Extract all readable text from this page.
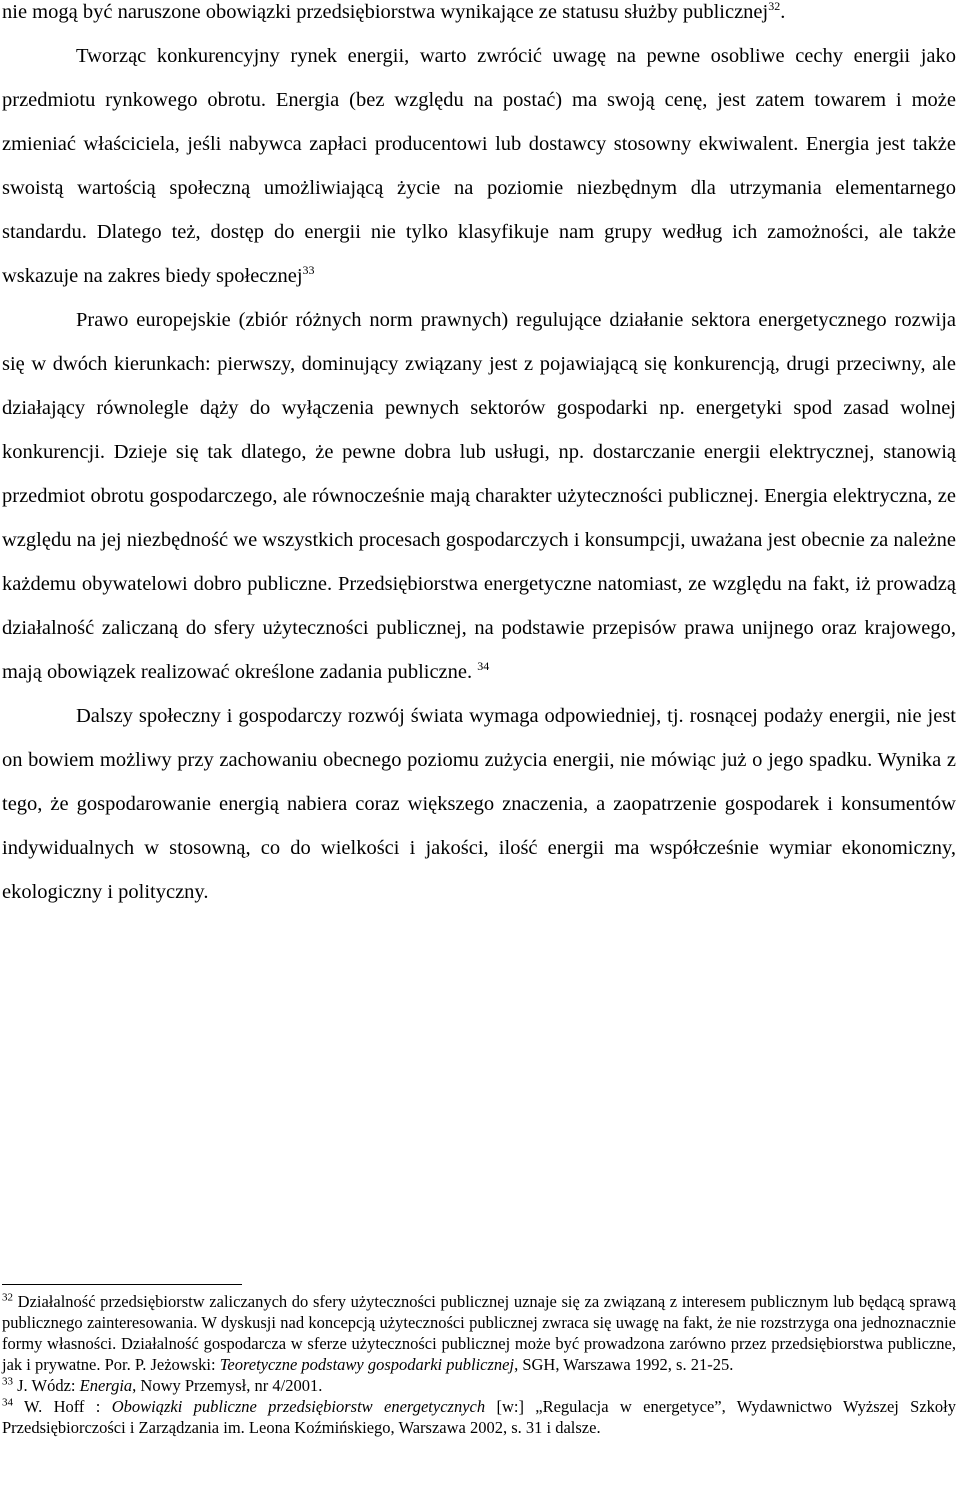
nie mogą być naruszone obowiązki przedsiębiorstwa wynikające ze statusu służby publicznej$^{32}$.

Tworząc konkurencyjny rynek energii, warto zwrócić uwagę na pewne osobliwe cechy energii jako przedmiotu rynkowego obrotu. Energia (bez względu na postać) ma swoją cenę, jest zatem towarem i może zmieniać właściciela, jeśli nabywca zapłaci producentowi lub dostawcy stosowny ekwiwalent. Energia jest także swoistą wartością społeczną umożliwiającą życie na poziomie niezbędnym dla utrzymania elementarnego standardu. Dlatego też, dostęp do energii nie tylko klasyfikuje nam grupy według ich zamożności, ale także wskazuje na zakres biedy społecznej$^{33}$

Prawo europejskie (zbiór różnych norm prawnych) regulujące działanie sektora energetycznego rozwija się w dwóch kierunkach: pierwszy, dominujący związany jest z pojawiającą się konkurencją, drugi przeciwny, ale działający równolegle dąży do wyłączenia pewnych sektorów gospodarki np. energetyki spod zasad wolnej konkurencji. Dzieje się tak dlatego, że pewne dobra lub usługi, np. dostarczanie energii elektrycznej, stanowią przedmiot obrotu gospodarczego, ale równocześnie mają charakter użyteczności publicznej. Energia elektryczna, ze względu na jej niezbędność we wszystkich procesach gospodarczych i konsumpcji, uważana jest obecnie za należne każdemu obywatelowi dobro publiczne. Przedsiębiorstwa energetyczne natomiast, ze względu na fakt, iż prowadzą działalność zaliczaną do sfery użyteczności publicznej, na podstawie przepisów prawa unijnego oraz krajowego, mają obowiązek realizować określone zadania publiczne. $^{34}$

Dalszy społeczny i gospodarczy rozwój świata wymaga odpowiedniej, tj. rosnącej podaży energii, nie jest on bowiem możliwy przy zachowaniu obecnego poziomu zużycia energii, nie mówiąc już o jego spadku. Wynika z tego, że gospodarowanie energią nabiera coraz większego znaczenia, a zaopatrzenie gospodarek i konsumentów indywidualnych w stosowną, co do wielkości i jakości, ilość energii ma współcześnie wymiar ekonomiczny, ekologiczny i polityczny.

$^{32}$ Działalność przedsiębiorstw zaliczanych do sfery użyteczności publicznej uznaje się za związaną z interesem publicznym lub będącą sprawą publicznego zainteresowania. W dyskusji nad koncepcją użyteczności publicznej zwraca się uwagę na fakt, że nie rozstrzyga ona jednoznacznie formy własności. Działalność gospodarcza w sferze użyteczności publicznej może być prowadzona zarówno przez przedsiębiorstwa publiczne, jak i prywatne. Por. P. Jeżowski: Teoretyczne podstawy gospodarki publicznej, SGH, Warszawa 1992, s. 21-25.

$^{33}$ J. Wódz: Energia, Nowy Przemysł, nr 4/2001.

$^{34}$ W. Hoff : Obowiązki publiczne przedsiębiorstw energetycznych [w:] „Regulacja w energetyce”, Wydawnictwo Wyższej Szkoły Przedsiębiorczości i Zarządzania im. Leona Koźmińskiego, Warszawa 2002, s. 31 i dalsze.
